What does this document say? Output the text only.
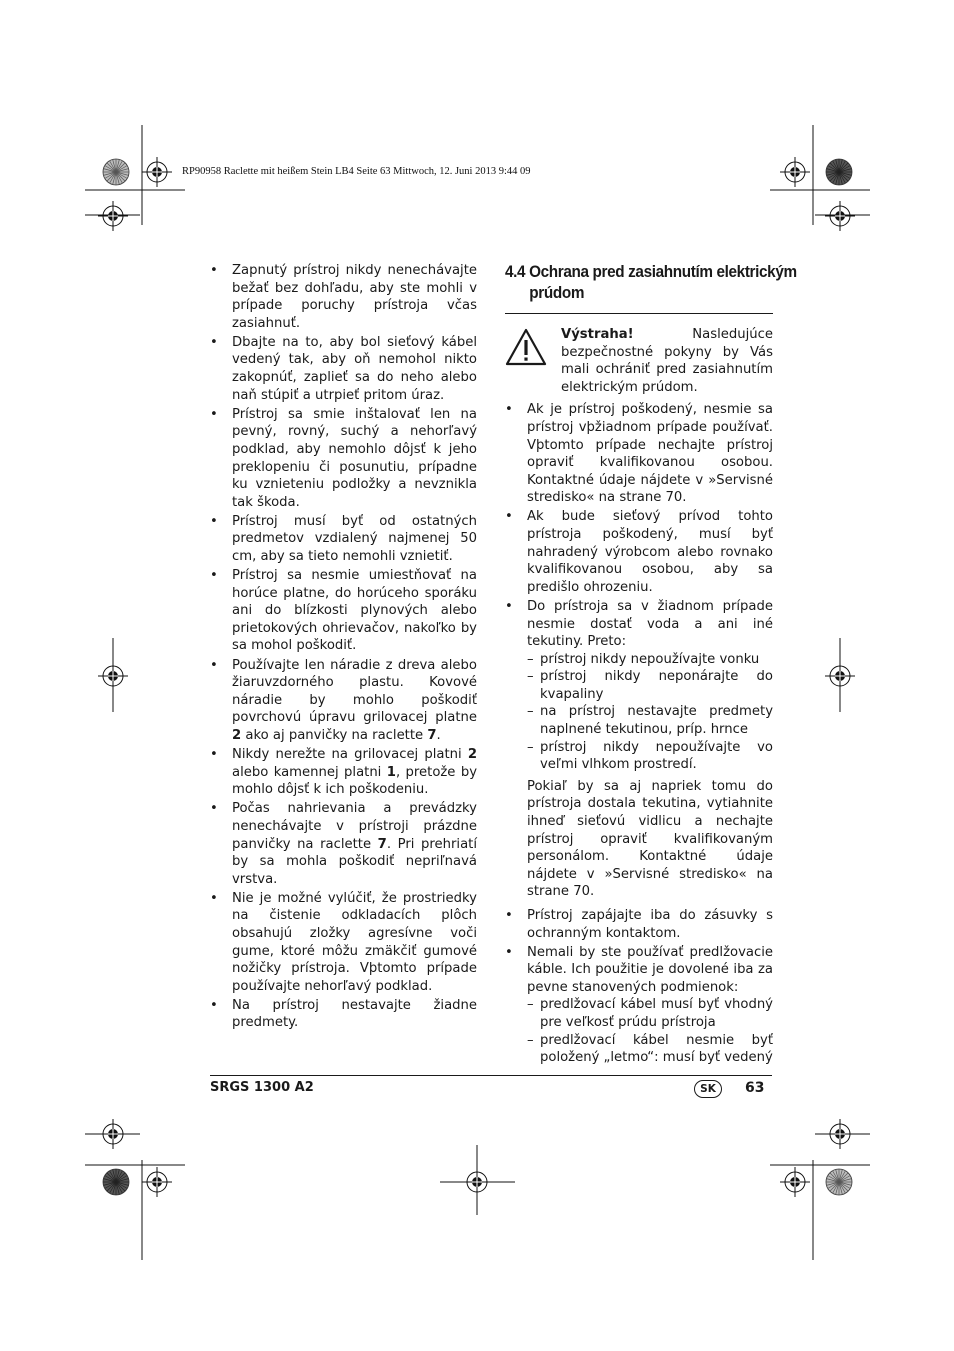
RP90958 Raclette mit heißem Stein LB4 Seite 63 Mittwoch, 12. Juni 2013 9:44 09
• Zapnutý prístroj nikdy nenechávajte bežať bez dohľadu, aby ste mohli v prípade poruchy prístroja včas zasiahnuť.
• Dbajte na to, aby bol sieťový kábel vedený tak, aby oň nemohol nikto zakopnúť, zaplieť sa do neho alebo naň stúpiť a utrpieť pritom úraz.
• Prístroj sa smie inštalovať len na pevný, rovný, suchý a nehorľavý podklad, aby nemohlo dôjsť k jeho preklopeniu či posunutiu, prípadne ku vznieteniu podložky a nevznikla tak škoda.
• Prístroj musí byť od ostatných predmetov vzdialený najmenej 50 cm, aby sa tieto nemohli vznietiť.
• Prístroj sa nesmie umiestňovať na horúce platne, do horúceho sporáku ani do blízkosti plynových alebo prietokových ohrievačov, nakoľko by sa mohol poškodiť.
• Používajte len náradie z dreva alebo žiaruvzdorného plastu. Kovové náradie by mohlo poškodiť povrchovú úpravu grilovacej platne 2 ako aj panvičky na raclette 7.
• Nikdy nerežte na grilovacej platni 2 alebo kamennej platni 1, pretože by mohlo dôjsť k ich poškodeniu.
• Počas nahrievania a prevádzky nenechávajte v prístroji prázdne panvičky na raclette 7. Pri prehriatí by sa mohla poškodiť nepriľnavá vrstva.
• Nie je možné vylúčiť, že prostriedky na čistenie odkladacích plôch obsahujú zložky agresívne voči gume, ktoré môžu zmäkčiť gumové nožičky prístroja. Vþtomto prípade používajte nehorľavý podklad.
• Na prístroj nestavajte žiadne predmety.
4.4 Ochrana pred zasiahnutím elektrickým prúdom
Výstraha! Nasledujúce bezpečnostné pokyny by Vás mali ochrániť pred zasiahnutím elektrickým prúdom.
• Ak je prístroj poškodený, nesmie sa prístroj vþžiadnom prípade používať. Vþtomto prípade nechajte prístroj opraviť kvalifikovanou osobou. Kontaktné údaje nájdete v »Servisné stredisko« na strane 70.
• Ak bude sieťový prívod tohto prístroja poškodený, musí byť nahradený výrobcom alebo rovnako kvalifikovanou osobou, aby sa predišlo ohrozeniu.
• Do prístroja sa v žiadnom prípade nesmie dostať voda a ani iné tekutiny. Preto:
– prístroj nikdy nepoužívajte vonku
– prístroj nikdy neponárajte do kvapaliny
– na prístroj nestavajte predmety naplnené tekutinou, príp. hrnce
– prístroj nikdy nepoužívajte vo veľmi vlhkom prostredí.
Pokiaľ by sa aj napriek tomu do prístroja dostala tekutina, vytiahnite ihneď sieťovú vidlicu a nechajte prístroj opraviť kvalifikovaným personálom. Kontaktné údaje nájdete v »Servisné stredisko« na strane 70.
• Prístroj zapájajte iba do zásuvky s ochranným kontaktom.
• Nemali by ste používať predlžovacie káble. Ich použitie je dovolené iba za pevne stanovených podmienok:
– predlžovací kábel musí byť vhodný pre veľkosť prúdu prístroja
– predlžovací kábel nesmie byť položený „letmo“: musí byť vedený
SRGS 1300 A2	SK	63
